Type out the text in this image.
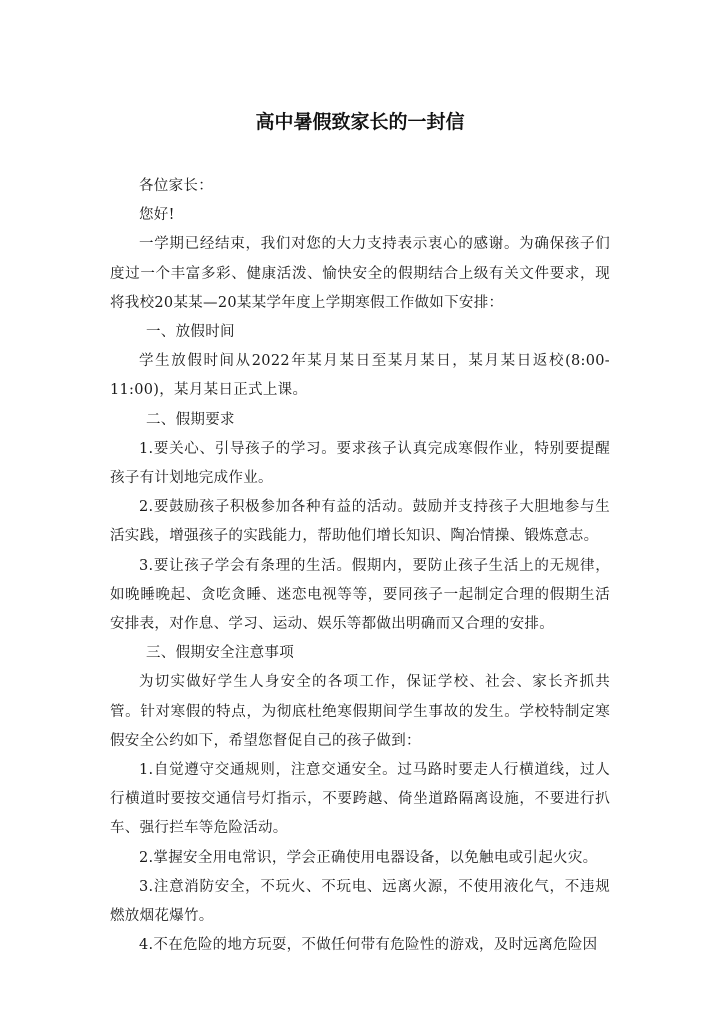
高中暑假致家长的一封信

各位家长：

您好!

一学期已经结束，我们对您的大力支持表示衷心的感谢。为确保孩子们度过一个丰富多彩、健康活泼、愉快安全的假期结合上级有关文件要求，现将我校20某某—20某某学年度上学期寒假工作做如下安排：

一、放假时间

学生放假时间从2022年某月某日至某月某日，某月某日返校(8:00-11:00)，某月某日正式上课。

二、假期要求

1.要关心、引导孩子的学习。要求孩子认真完成寒假作业，特别要提醒孩子有计划地完成作业。

2.要鼓励孩子积极参加各种有益的活动。鼓励并支持孩子大胆地参与生活实践，增强孩子的实践能力，帮助他们增长知识、陶冶情操、锻炼意志。

3.要让孩子学会有条理的生活。假期内，要防止孩子生活上的无规律，如晚睡晚起、贪吃贪睡、迷恋电视等等，要同孩子一起制定合理的假期生活安排表，对作息、学习、运动、娱乐等都做出明确而又合理的安排。

三、假期安全注意事项

为切实做好学生人身安全的各项工作，保证学校、社会、家长齐抓共管。针对寒假的特点，为彻底杜绝寒假期间学生事故的发生。学校特制定寒假安全公约如下，希望您督促自己的孩子做到：

1.自觉遵守交通规则，注意交通安全。过马路时要走人行横道线，过人行横道时要按交通信号灯指示，不要跨越、倚坐道路隔离设施，不要进行扒车、强行拦车等危险活动。

2.掌握安全用电常识，学会正确使用电器设备，以免触电或引起火灾。

3.注意消防安全，不玩火、不玩电、远离火源，不使用液化气，不违规燃放烟花爆竹。

4.不在危险的地方玩耍，不做任何带有危险性的游戏，及时远离危险因
